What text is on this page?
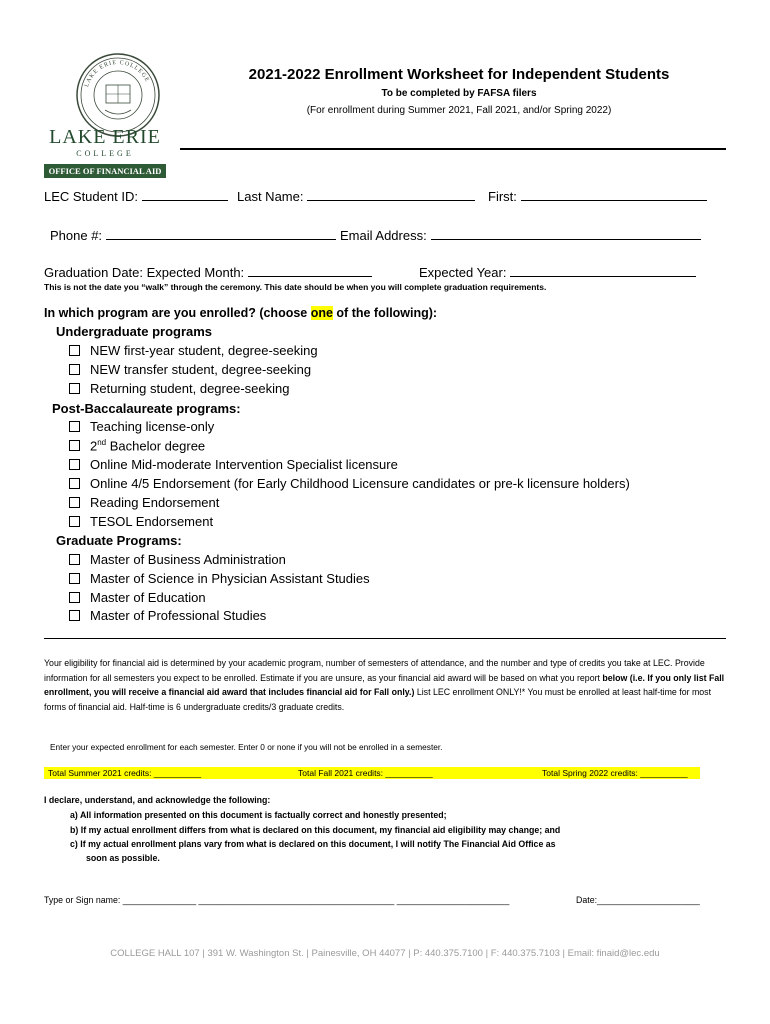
LAKE ERIE COLLEGE
LAKE ERIE
COLLEGE
OFFICE OF FINANCIAL AID
2021-2022 Enrollment Worksheet for Independent Students
To be completed by FAFSA filers
(For enrollment during Summer 2021, Fall 2021, and/or Spring 2022)
LEC Student ID:	Last Name:	First:
Phone #:	Email Address:
Graduation Date: Expected Month:	Expected Year:
This is not the date you “walk” through the ceremony. This date should be when you will complete graduation requirements.
In which program are you enrolled? (choose one of the following):
Undergraduate programs
NEW first-year student, degree-seeking
NEW transfer student, degree-seeking
Returning student, degree-seeking
Post-Baccalaureate programs:
Teaching license-only
2nd Bachelor degree
Online Mid-moderate Intervention Specialist licensure
Online 4/5 Endorsement (for Early Childhood Licensure candidates or pre-k licensure holders)
Reading Endorsement
TESOL Endorsement
Graduate Programs:
Master of Business Administration
Master of Science in Physician Assistant Studies
Master of Education
Master of Professional Studies
Your eligibility for financial aid is determined by your academic program, number of semesters of attendance, and the number and type of credits you take at LEC. Provide information for all semesters you expect to be enrolled. Estimate if you are unsure, as your financial aid award will be based on what you report below (i.e. If you only list Fall enrollment, you will receive a financial aid award that includes financial aid for Fall only.) List LEC enrollment ONLY!* You must be enrolled at least half-time for most forms of financial aid. Half-time is 6 undergraduate credits/3 graduate credits.
Enter your expected enrollment for each semester. Enter 0 or none if you will not be enrolled in a semester.
Total Summer 2021 credits: __________	Total Fall 2021 credits: __________	Total Spring 2022 credits: __________
I declare, understand, and acknowledge the following:
a) All information presented on this document is factually correct and honestly presented;
b) If my actual enrollment differs from what is declared on this document, my financial aid eligibility may change; and
c) If my actual enrollment plans vary from what is declared on this document, I will notify The Financial Aid Office as
soon as possible.
Type or Sign name: _______________ ________________________________________ _______________________	Date:_____________________
COLLEGE HALL 107 | 391 W. Washington St. | Painesville, OH 44077 | P: 440.375.7100 | F: 440.375.7103 | Email: finaid@lec.edu
